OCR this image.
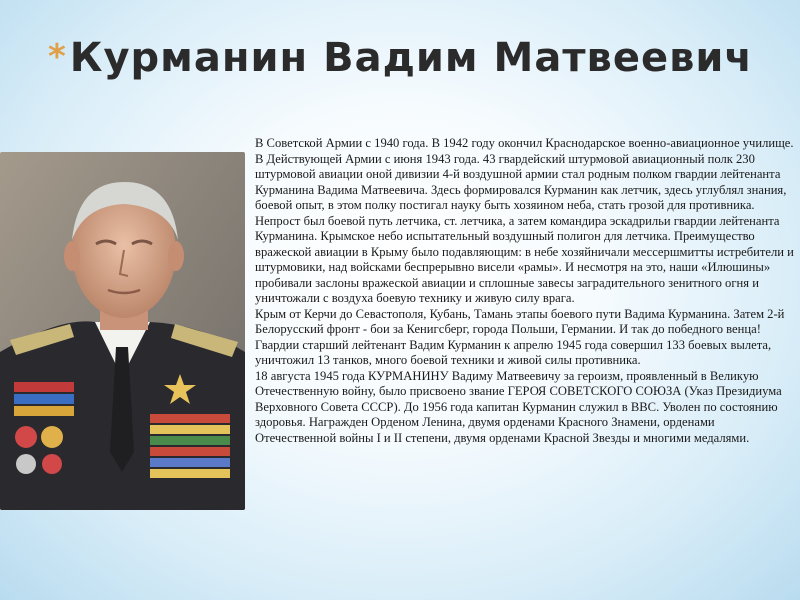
* Курманин Вадим Матвеевич

В Советской Армии с 1940 года. В 1942 году окончил Краснодарское военно-авиационное училище. В Действующей Армии с июня 1943 года. 43 гвардейский штурмовой авиационный полк 230 штурмовой авиации оной дивизии 4-й воздушной армии стал родным полком гвардии лейтенанта Курманина Вадима Матвеевича. Здесь формировался Курманин как летчик, здесь углублял знания, боевой опыт, в этом полку постигал науку быть хозяином неба, стать грозой для противника. Непрост был боевой путь летчика, ст. летчика, а затем командира эскадрильи гвардии лейтенанта Курманина. Крымское небо испытательный воздушный полигон для летчика. Преимущество вражеской авиации в Крыму было подавляющим: в небе хозяйничали мессершмитты истребители и штурмовики, над войсками беспрерывно висели «рамы». И несмотря на это, наши «Илюшины» пробивали заслоны вражеской авиации и сплошные завесы заградительного зенитного огня и уничтожали с воздуха боевую технику и живую силу врага.

Крым от Керчи до Севастополя, Кубань, Тамань этапы боевого пути Вадима Курманина. Затем 2-й Белорусский фронт - бои за Кенигсберг, города Польши, Германии. И так до победного венца! Гвардии старший лейтенант Вадим Курманин к апрелю 1945 года совершил 133 боевых вылета, уничтожил 13 танков, много боевой техники и живой силы противника.

18 августа 1945 года КУРМАНИНУ Вадиму Матвеевичу за героизм, проявленный в Великую Отечественную войну, было присвоено звание ГЕРОЯ СОВЕТСКОГО СОЮЗА (Указ Президиума Верховного Совета СССР). До 1956 года капитан Курманин служил в ВВС. Уволен по состоянию здоровья. Награжден Орденом Ленина, двумя орденами Красного Знамени, орденами Отечественной войны I и II степени, двумя орденами Красной Звезды и многими медалями.
